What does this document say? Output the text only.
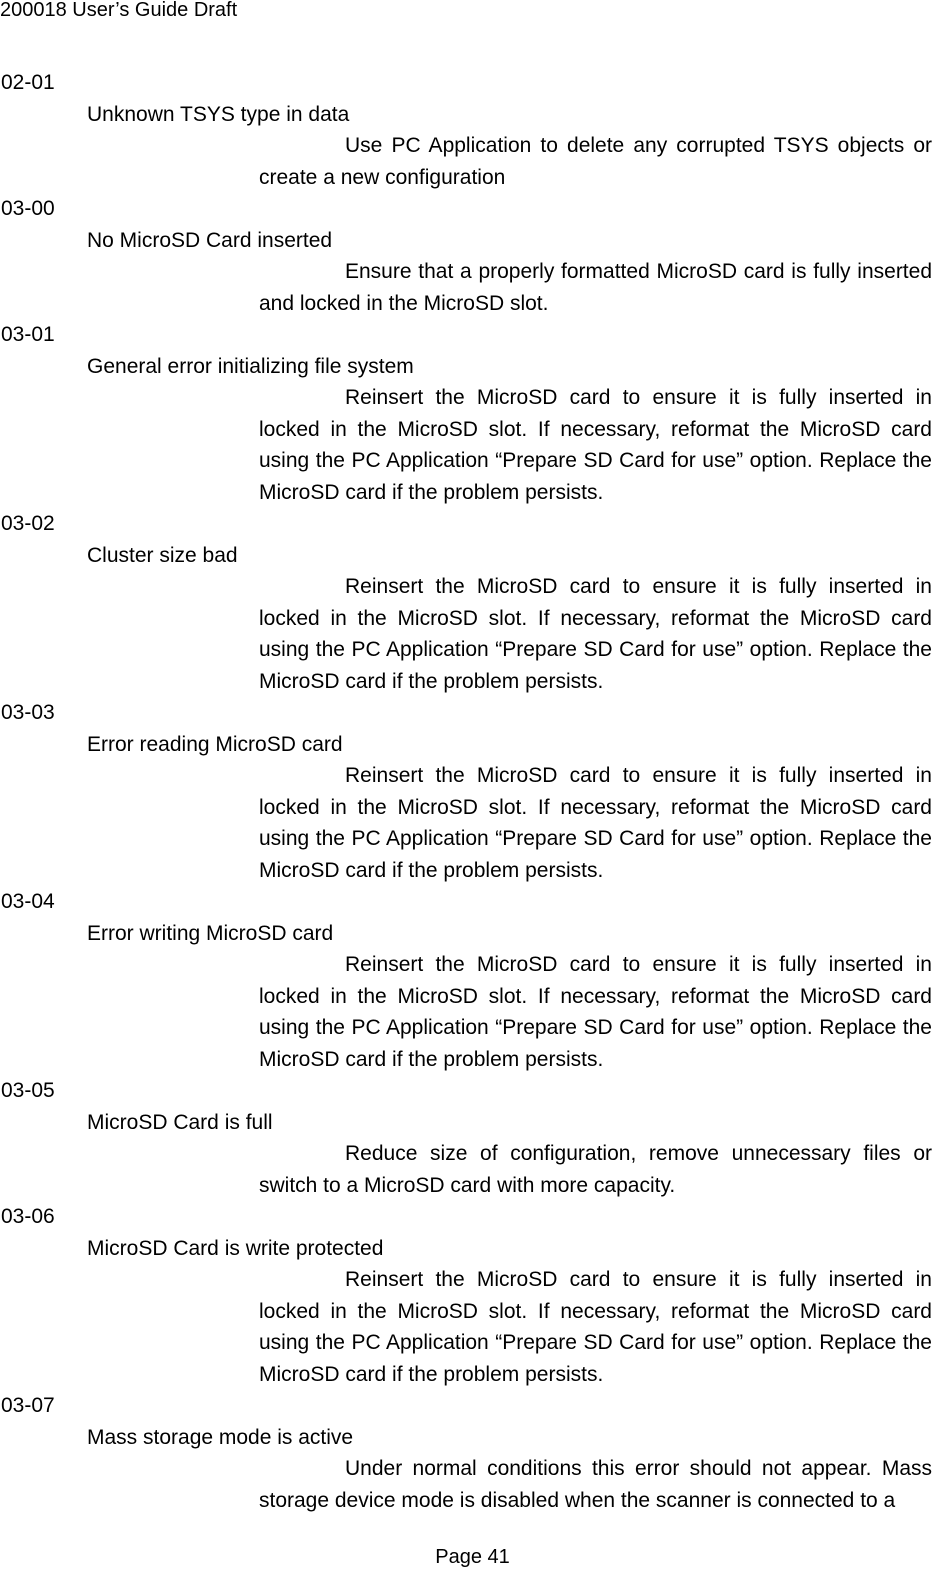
200018 User’s Guide Draft
02-01
Unknown TSYS type in data
Use PC Application to delete any corrupted TSYS objects or create a new configuration
03-00
No MicroSD Card inserted
Ensure that a properly formatted MicroSD card is fully inserted and locked in the MicroSD slot.
03-01
General error initializing file system
Reinsert the MicroSD card to ensure it is fully inserted in locked in the MicroSD slot. If necessary, reformat the MicroSD card using the PC Application “Prepare SD Card for use” option. Replace the MicroSD card if the problem persists.
03-02
Cluster size bad
Reinsert the MicroSD card to ensure it is fully inserted in locked in the MicroSD slot. If necessary, reformat the MicroSD card using the PC Application “Prepare SD Card for use” option. Replace the MicroSD card if the problem persists.
03-03
Error reading MicroSD card
Reinsert the MicroSD card to ensure it is fully inserted in locked in the MicroSD slot. If necessary, reformat the MicroSD card using the PC Application “Prepare SD Card for use” option. Replace the MicroSD card if the problem persists.
03-04
Error writing MicroSD card
Reinsert the MicroSD card to ensure it is fully inserted in locked in the MicroSD slot. If necessary, reformat the MicroSD card using the PC Application “Prepare SD Card for use” option. Replace the MicroSD card if the problem persists.
03-05
MicroSD Card is full
Reduce size of configuration, remove unnecessary files or switch to a MicroSD card with more capacity.
03-06
MicroSD Card is write protected
Reinsert the MicroSD card to ensure it is fully inserted in locked in the MicroSD slot. If necessary, reformat the MicroSD card using the PC Application “Prepare SD Card for use” option. Replace the MicroSD card if the problem persists.
03-07
Mass storage mode is active
Under normal conditions this error should not appear. Mass storage device mode is disabled when the scanner is connected to a
Page 41
